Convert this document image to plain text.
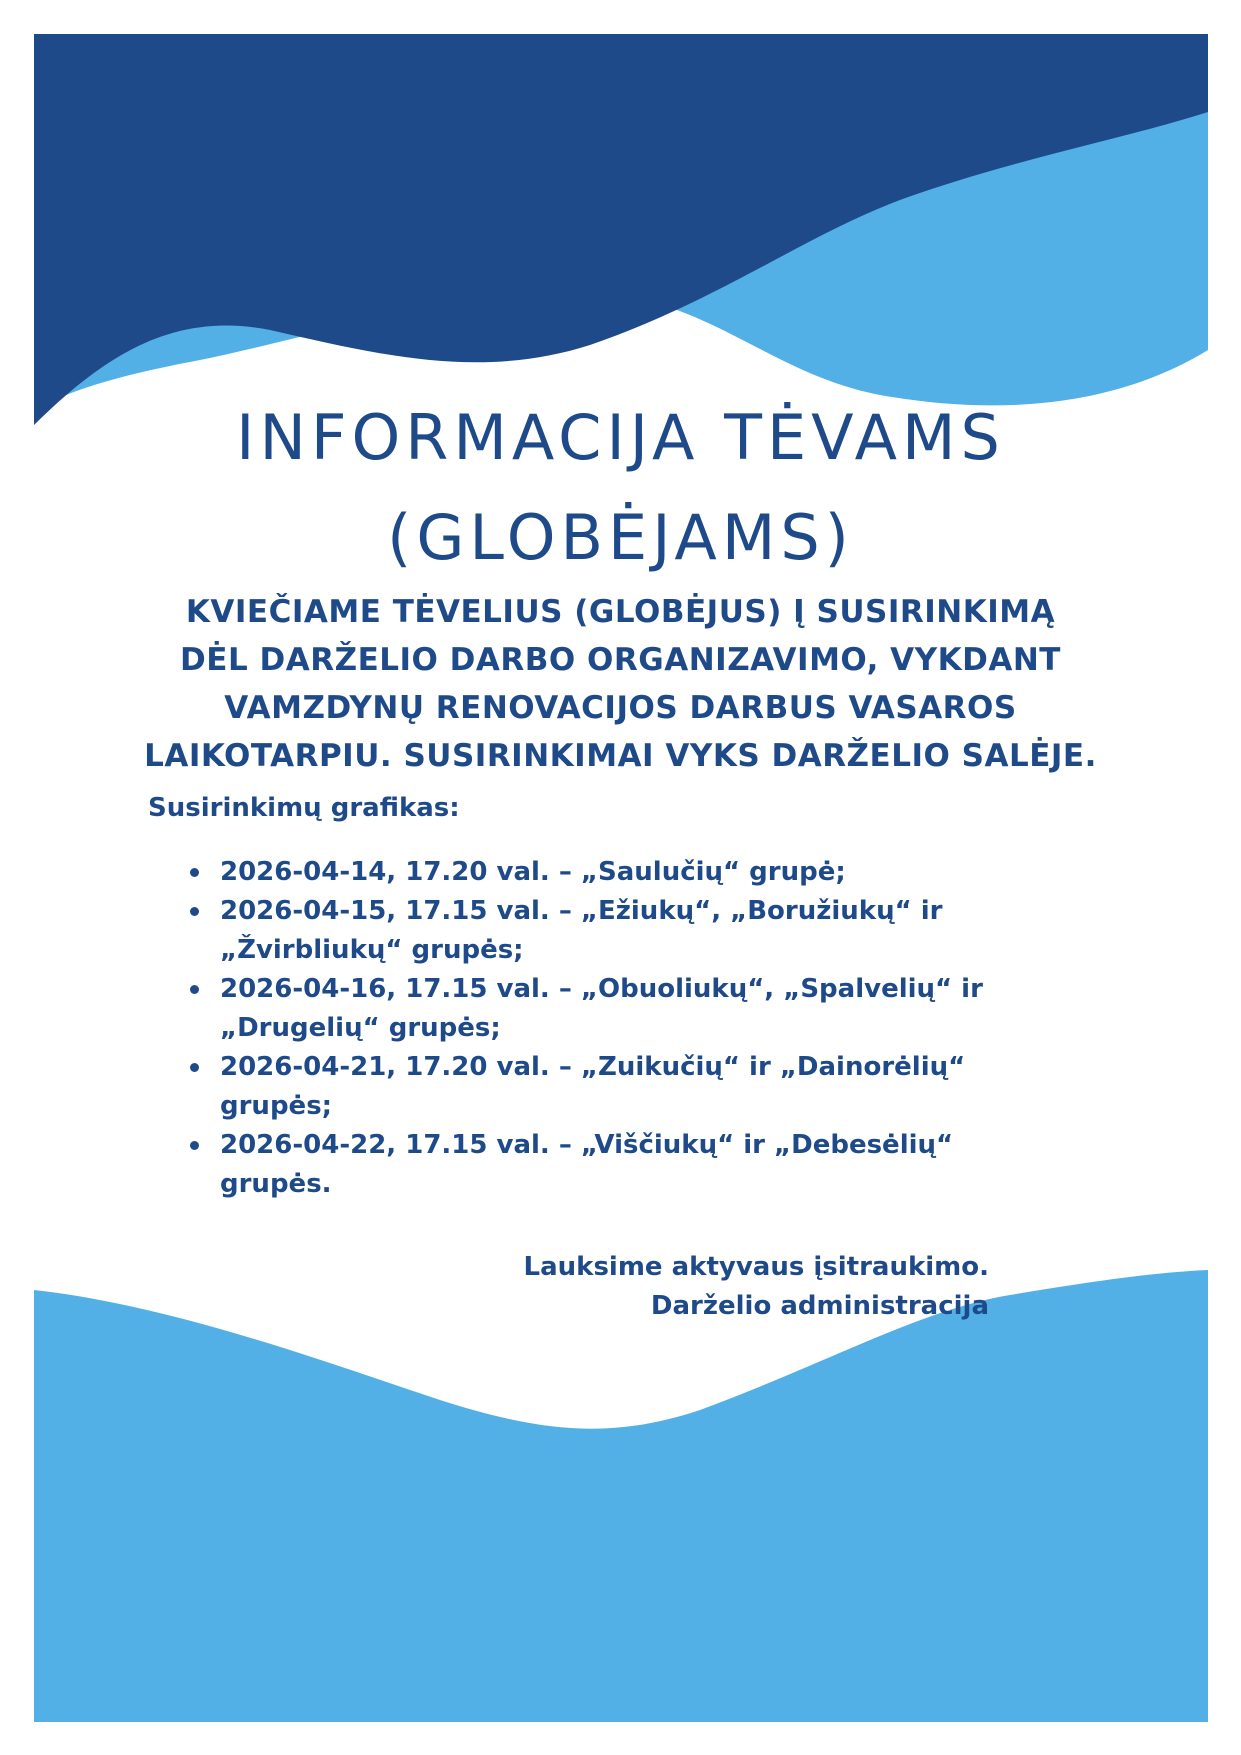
INFORMACIJA TĖVAMS
(GLOBĖJAMS)
KVIEČIAME TĖVELIUS (GLOBĖJUS) Į SUSIRINKIMĄ
DĖL DARŽELIO DARBO ORGANIZAVIMO, VYKDANT
VAMZDYNŲ RENOVACIJOS DARBUS VASAROS
LAIKOTARPIU. SUSIRINKIMAI VYKS DARŽELIO SALĖJE.
Susirinkimų grafikas:
2026-04-14, 17.20 val. – „Saulučių“ grupė;
2026-04-15, 17.15 val. – „Ežiukų“, „Boružiukų“ ir
„Žvirbliukų“ grupės;
2026-04-16, 17.15 val. – „Obuoliukų“, „Spalvelių“ ir
„Drugelių“ grupės;
2026-04-21, 17.20 val. – „Zuikučių“ ir „Dainorėlių“
grupės;
2026-04-22, 17.15 val. – „Viščiukų“ ir „Debesėlių“
grupės.
Lauksime aktyvaus įsitraukimo.
Darželio administracija
